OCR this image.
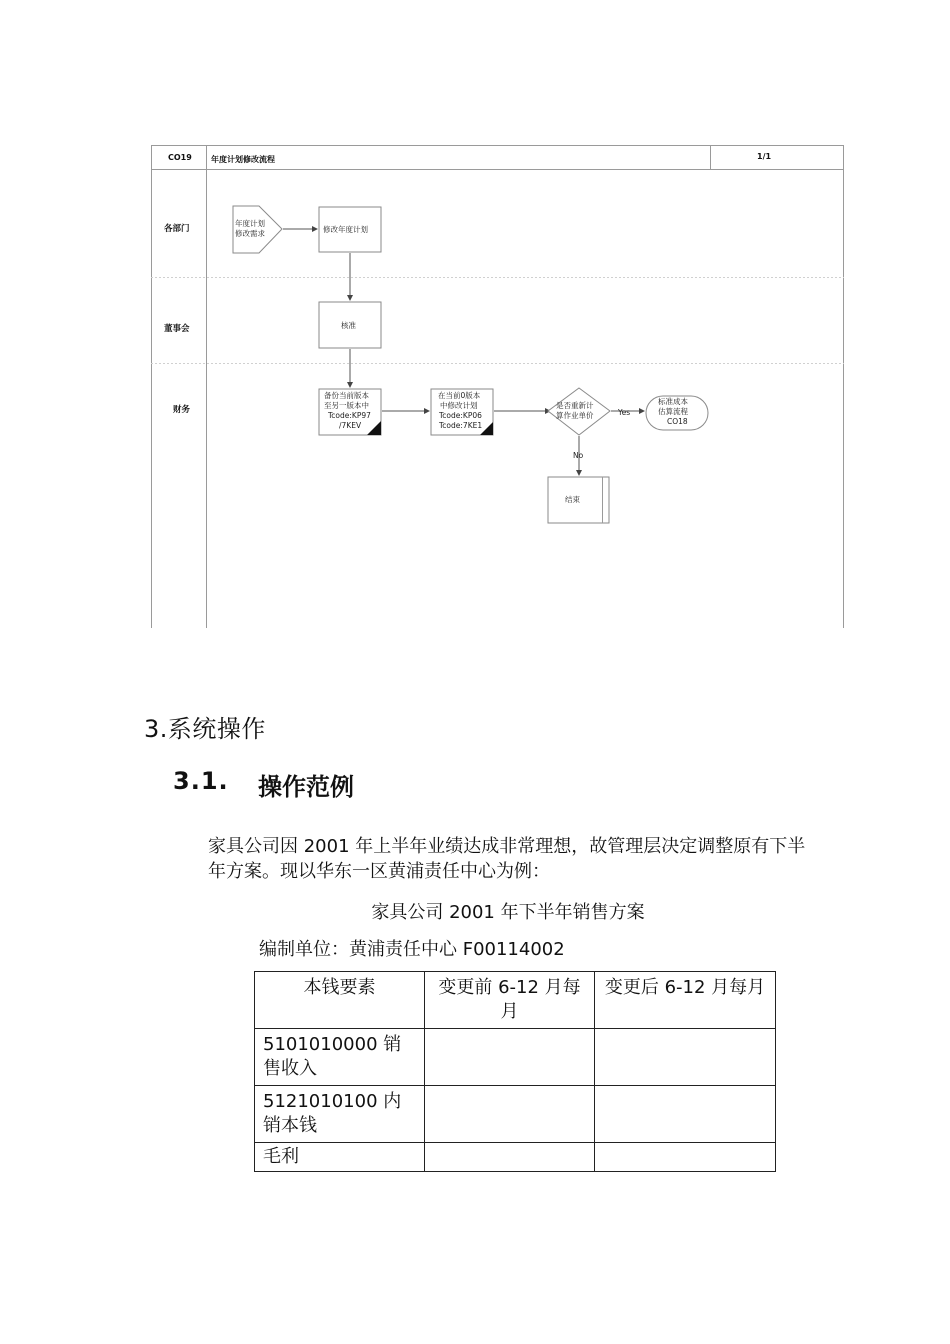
CO19 年度计划修改流程	1/1
各部门
董事会
财务
年度计划
修改需求	修改年度计划
核准
备份当前版本
至另一版本中
Tcode:KP97
/7KEV
在当前0版本
中修改计划
Tcode:KP06
Tcode:7KE1
是否重新计
算作业单价	Yes
标准成本
估算流程
CO18
No
结束
3.系统操作
3.1. 操作范例

家具公司因 2001 年上半年业绩达成非常理想，故管理层决定调整原有下半年方案。现以华东一区黄浦责任中心为例：

家具公司 2001 年下半年销售方案
编制单位：黄浦责任中心 F00114002
本钱要素	变更前 6-12 月每月	变更后 6-12 月每月
5101010000 销售收入		
5121010100 内销本钱		
毛利		
